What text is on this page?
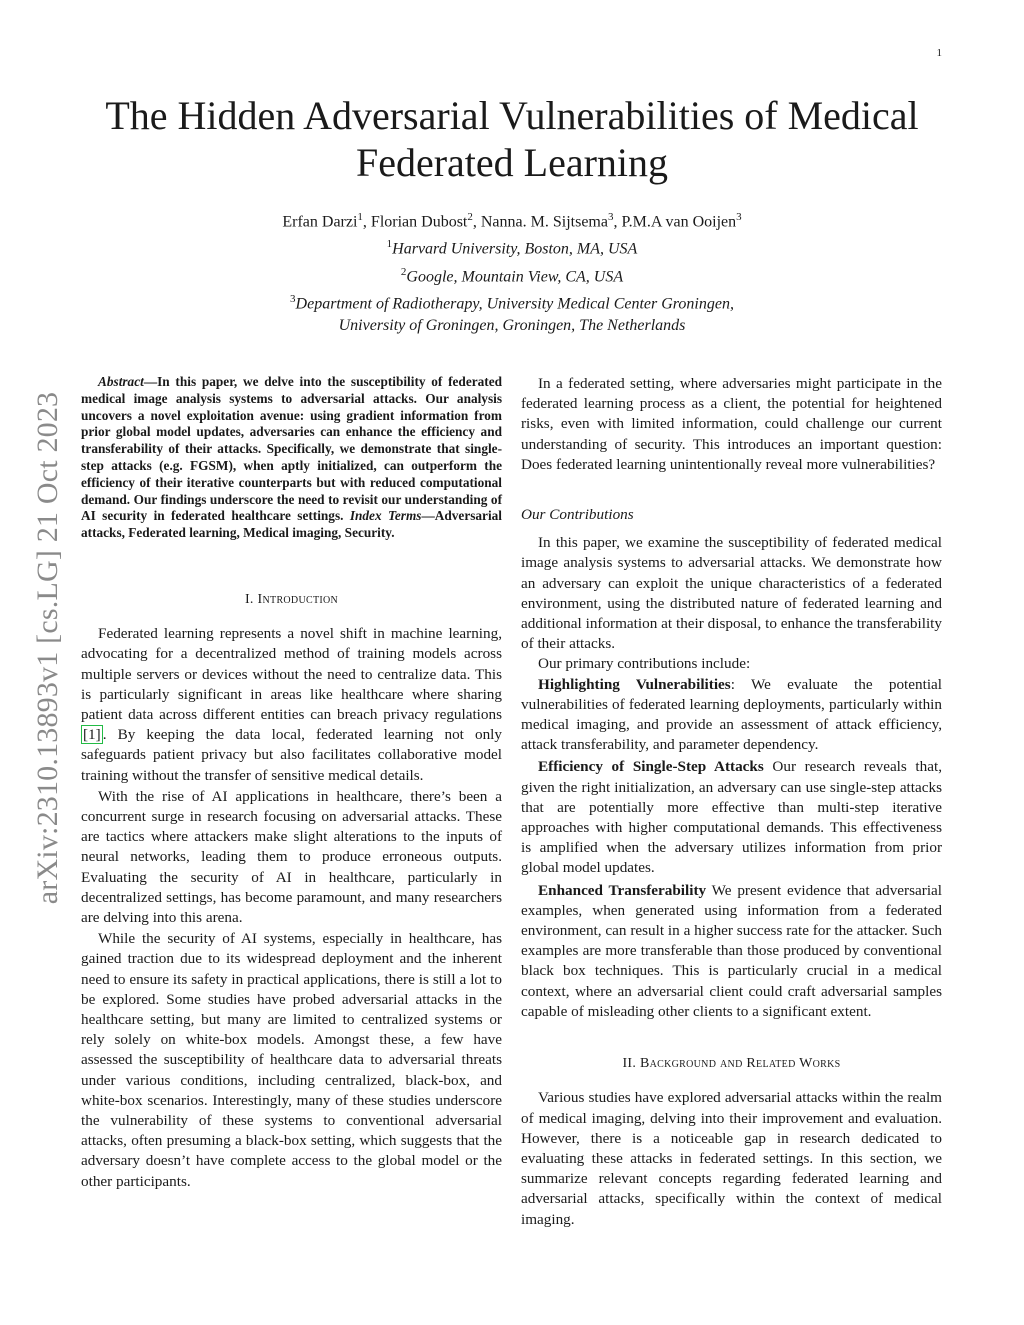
1
The Hidden Adversarial Vulnerabilities of Medical Federated Learning
Erfan Darzi$^1$, Florian Dubost$^2$, Nanna. M. Sijtsema$^3$, P.M.A van Ooijen$^3$
$^1$Harvard University, Boston, MA, USA
$^2$Google, Mountain View, CA, USA
$^3$Department of Radiotherapy, University Medical Center Groningen,
University of Groningen, Groningen, The Netherlands
arXiv:2310.13893v1 [cs.LG] 21 Oct 2023

Abstract—In this paper, we delve into the susceptibility of federated medical image analysis systems to adversarial attacks. Our analysis uncovers a novel exploitation avenue: using gradient information from prior global model updates, adversaries can enhance the efficiency and transferability of their attacks. Specifically, we demonstrate that single-step attacks (e.g. FGSM), when aptly initialized, can outperform the efficiency of their iterative counterparts but with reduced computational demand. Our findings underscore the need to revisit our understanding of AI security in federated healthcare settings. Index Terms—Adversarial attacks, Federated learning, Medical imaging, Security.

I. Introduction

Federated learning represents a novel shift in machine learning, advocating for a decentralized method of training models across multiple servers or devices without the need to centralize data. This is particularly significant in areas like healthcare where sharing patient data across different entities can breach privacy regulations [1] . By keeping the data local, federated learning not only safeguards patient privacy but also facilitates collaborative model training without the transfer of sensitive medical details.

With the rise of AI applications in healthcare, there’s been a concurrent surge in research focusing on adversarial attacks. These are tactics where attackers make slight alterations to the inputs of neural networks, leading them to produce erroneous outputs. Evaluating the security of AI in healthcare, particularly in decentralized settings, has become paramount, and many researchers are delving into this arena.

While the security of AI systems, especially in healthcare, has gained traction due to its widespread deployment and the inherent need to ensure its safety in practical applications, there is still a lot to be explored. Some studies have probed adversarial attacks in the healthcare setting, but many are limited to centralized systems or rely solely on white-box models. Amongst these, a few have assessed the susceptibility of healthcare data to adversarial threats under various conditions, including centralized, black-box, and white-box scenarios. Interestingly, many of these studies underscore the vulnerability of these systems to conventional adversarial attacks, often presuming a black-box setting, which suggests that the adversary doesn’t have complete access to the global model or the other participants.

In a federated setting, where adversaries might participate in the federated learning process as a client, the potential for heightened risks, even with limited information, could challenge our current understanding of security. This introduces an important question: Does federated learning unintentionally reveal more vulnerabilities?

Our Contributions

In this paper, we examine the susceptibility of federated medical image analysis systems to adversarial attacks. We demonstrate how an adversary can exploit the unique characteristics of a federated environment, using the distributed nature of federated learning and additional information at their disposal, to enhance the transferability of their attacks.

Our primary contributions include:

Highlighting Vulnerabilities: We evaluate the potential vulnerabilities of federated learning deployments, particularly within medical imaging, and provide an assessment of attack efficiency, attack transferability, and parameter dependency.

Efficiency of Single-Step Attacks Our research reveals that, given the right initialization, an adversary can use single-step attacks that are potentially more effective than multi-step iterative approaches with higher computational demands. This effectiveness is amplified when the adversary utilizes information from prior global model updates.

Enhanced Transferability We present evidence that adversarial examples, when generated using information from a federated environment, can result in a higher success rate for the attacker. Such examples are more transferable than those produced by conventional black box techniques. This is particularly crucial in a medical context, where an adversarial client could craft adversarial samples capable of misleading other clients to a significant extent.

II. Background and Related Works

Various studies have explored adversarial attacks within the realm of medical imaging, delving into their improvement and evaluation. However, there is a noticeable gap in research dedicated to evaluating these attacks in federated settings. In this section, we summarize relevant concepts regarding federated learning and adversarial attacks, specifically within the context of medical imaging.
